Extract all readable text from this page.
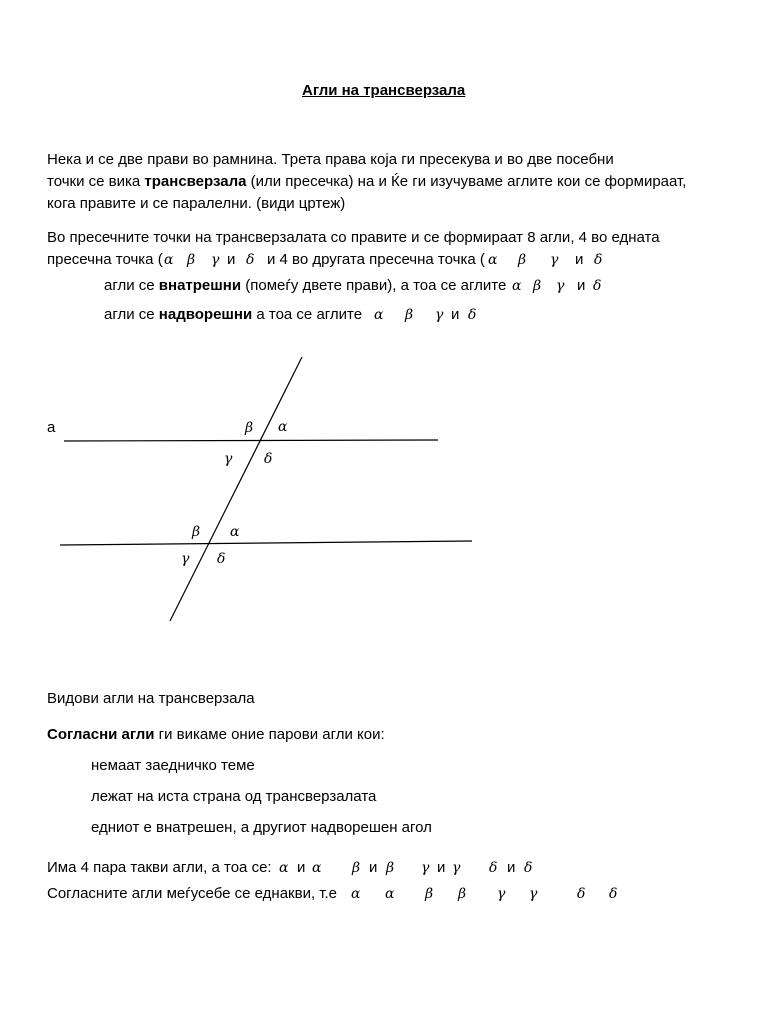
Агли на трансверзала
Нека и се две прави во рамнина. Трета права која ги пресекува и во две посебни
точки се вика трансверзала (или пресечка) на и Ќе ги изучуваме аглите кои се формираат,
кога правите и се паралелни. (види цртеж)
Во пресечните точки на трансверзалата со правите и се формираат 8 агли, 4 во едната
пресечна точка ( α β γ и δ и 4 во другата пресечна точка ( α β γ и δ
агли се внатрешни (помеѓу двете прави), а тоа се аглите α β γ и δ
агли се надворешни а тоа се аглите α β γ и δ
β α
γ δ
β α
γ δ
a
Видови агли на трансверзала
Согласни агли ги викаме оние парови агли кои:
немаат заедничко теме
лежат на иста страна од трансверзалата
едниот е внатрешен, а другиот надворешен агол
Има 4 пара такви агли, а тоа се: α и α β и β γ и γ δ и δ
Согласните агли меѓусебе се еднакви, т.е α α β β γ γ	δ δ
